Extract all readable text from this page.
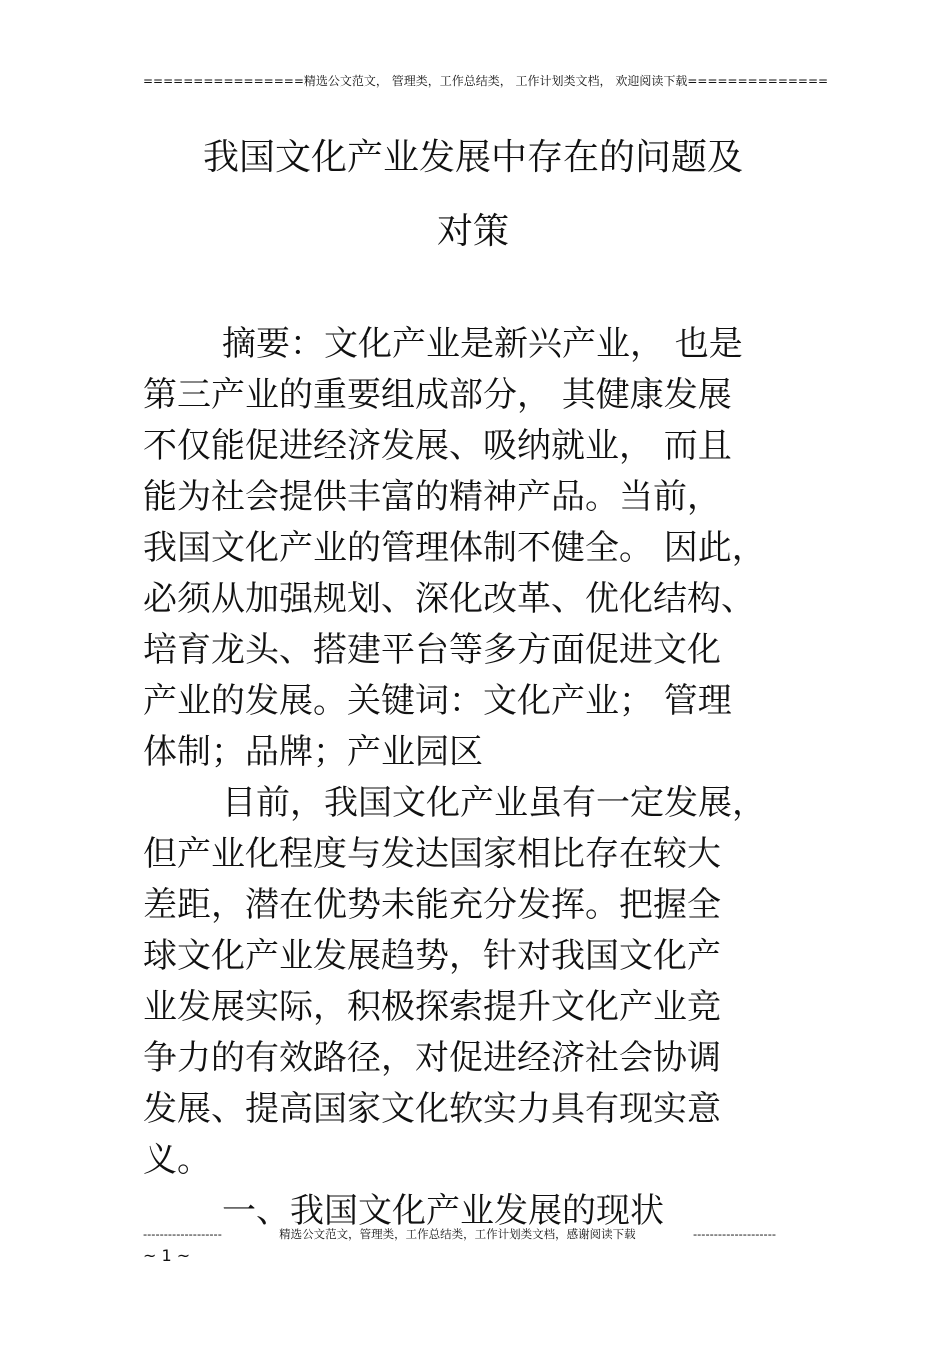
================ 精选公文范文， 管理类，工作总结类， 工作计划类文档， 欢迎阅读下载 ==============
我国文化产业发展中存在的问题及
对策
摘要：文化产业是新兴产业， 也是
第三产业的重要组成部分， 其健康发展
不仅能促进经济发展、吸纳就业， 而且
能为社会提供丰富的精神产品。当前，
我国文化产业的管理体制不健全。 因此，
必须从加强规划、深化改革、优化结构、
培育龙头、搭建平台等多方面促进文化
产业的发展。关键词：文化产业； 管理
体制；品牌；产业园区
目前，我国文化产业虽有一定发展，
但产业化程度与发达国家相比存在较大
差距，潜在优势未能充分发挥。把握全
球文化产业发展趋势，针对我国文化产
业发展实际，积极探索提升文化产业竞
争力的有效路径，对促进经济社会协调
发展、提高国家文化软实力具有现实意
义。
一、我国文化产业发展的现状
-------------------	精选公文范文，管理类，工作总结类，工作计划类文档，感谢阅读下载	--------------------
~ 1 ~
